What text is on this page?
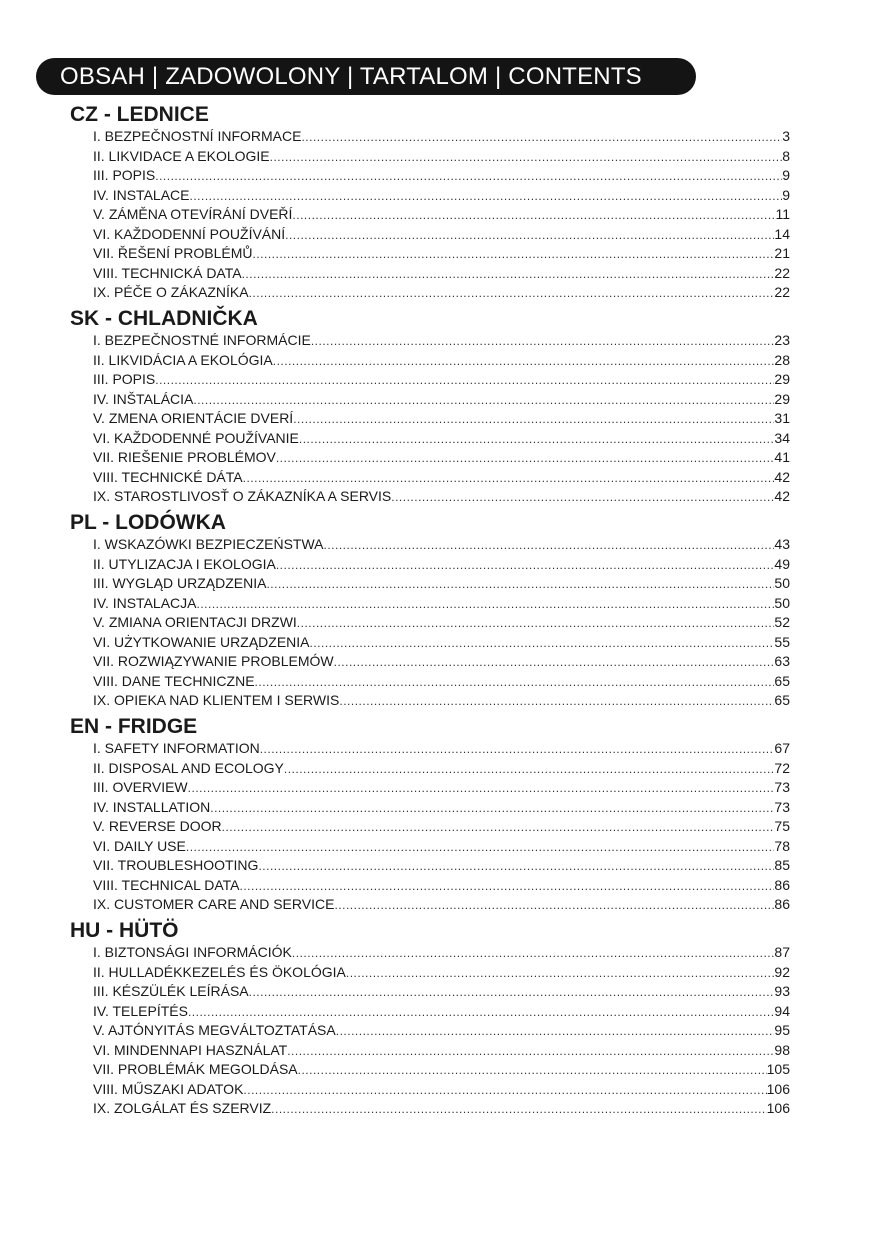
OBSAH | ZADOWOLONY | TARTALOM | CONTENTS
CZ - LEDNICE
I. BEZPEČNOSTNÍ INFORMACE .....	3
II. LIKVIDACE A EKOLOGIE .....	8
III. POPIS .....	9
IV. INSTALACE .....	9
V. ZÁMĚNA OTEVÍRÁNÍ DVEŘÍ .....	11
VI. KAŽDODENNÍ POUŽÍVÁNÍ .....	14
VII. ŘEŠENÍ PROBLÉMŮ .....	21
VIII. TECHNICKÁ DATA .....	22
IX. PÉČE O ZÁKAZNÍKA .....	22
SK - CHLADNIČKA
I. BEZPEČNOSTNÉ INFORMÁCIE .....	23
II. LIKVIDÁCIA A EKOLÓGIA .....	28
III. POPIS .....	29
IV. INŠTALÁCIA .....	29
V. ZMENA ORIENTÁCIE DVERÍ .....	31
VI. KAŽDODENNÉ POUŽÍVANIE .....	34
VII. RIEŠENIE PROBLÉMOV .....	41
VIII. TECHNICKÉ DÁTA .....	42
IX. STAROSTLIVOSŤ O ZÁKAZNÍKA A SERVIS .....	42
PL - LODÓWKA
I. WSKAZÓWKI BEZPIECZEŃSTWA .....	43
II. UTYLIZACJA I EKOLOGIA .....	49
III. WYGLĄD URZĄDZENIA .....	50
IV. INSTALACJA .....	50
V. ZMIANA ORIENTACJI DRZWI .....	52
VI. UŻYTKOWANIE URZĄDZENIA .....	55
VII. ROZWIĄZYWANIE PROBLEMÓW .....	63
VIII. DANE TECHNICZNE .....	65
IX. OPIEKA NAD KLIENTEM I SERWIS .....	65
EN - FRIDGE
I. SAFETY INFORMATION .....	67
II. DISPOSAL AND ECOLOGY .....	72
III. OVERVIEW .....	73
IV. INSTALLATION .....	73
V. REVERSE DOOR .....	75
VI. DAILY USE .....	78
VII. TROUBLESHOOTING .....	85
VIII. TECHNICAL DATA .....	86
IX. CUSTOMER CARE AND SERVICE .....	86
HU - HÜTÖ
I. BIZTONSÁGI INFORMÁCIÓK .....	87
II. HULLADÉKKEZELÉS ÉS ÖKOLÓGIA .....	92
III. KÉSZÜLÉK LEÍRÁSA .....	93
IV. TELEPÍTÉS .....	94
V. AJTÓNYITÁS MEGVÁLTOZTATÁSA .....	95
VI. MINDENNAPI HASZNÁLAT .....	98
VII. PROBLÉMÁK MEGOLDÁSA .....	105
VIII. MŰSZAKI ADATOK .....	106
IX. ZOLGÁLAT ÉS SZERVIZ .....	106
